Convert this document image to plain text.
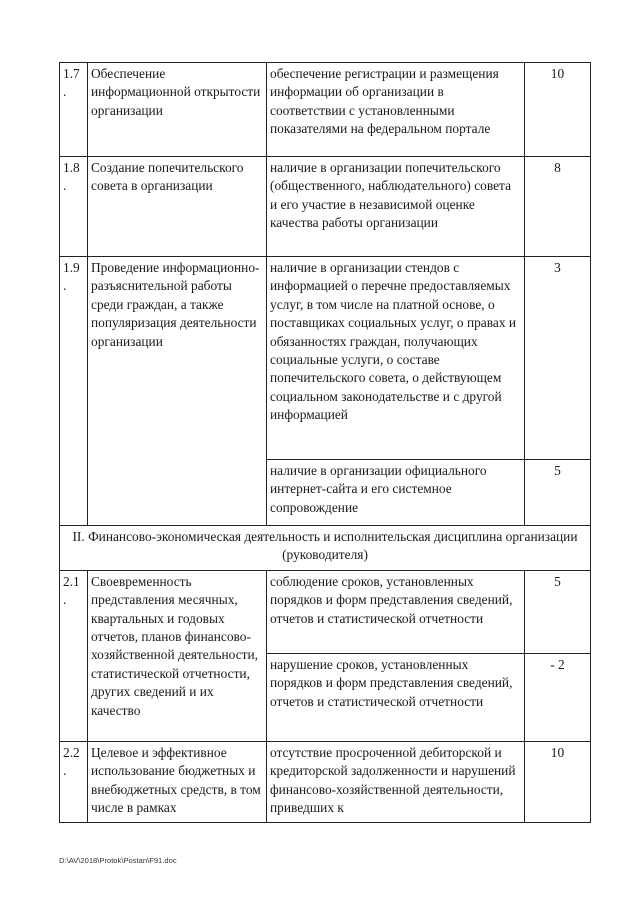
1.7 .	Обеспечение информационной открытости организации	обеспечение регистрации и размещения информации об организации в соответствии с установленными показателями на федеральном портале	10
1.8 .	Создание попечительского совета в организации	наличие в организации попечительского (общественного, наблюдательного) совета и его участие в независимой оценке качества работы организации	8
1.9 .	Проведение информационно-разъяснительной работы среди граждан, а также популяризация деятельности организации	наличие в организации стендов с информацией о перечне предоставляемых услуг, в том числе на платной основе, о поставщиках социальных услуг, о правах и обязанностях граждан, получающих социальные услуги, о составе попечительского совета, о действующем социальном законодательстве и с другой информацией	3
		наличие в организации официального интернет-сайта и его системное сопровождение	5
II. Финансово-экономическая деятельность и исполнительская дисциплина организации (руководителя)			
2.1 .	Своевременность представления месячных, квартальных и годовых отчетов, планов финансово-хозяйственной деятельности, статистической отчетности, других сведений и их качество	соблюдение сроков, установленных порядков и форм представления сведений, отчетов и статистической отчетности	5
		нарушение сроков, установленных порядков и форм представления сведений, отчетов и статистической отчетности	- 2
2.2 .	Целевое и эффективное использование бюджетных и внебюджетных средств, в том числе в рамках	отсутствие просроченной дебиторской и кредиторской задолженности и нарушений финансово-хозяйственной деятельности, приведших к	10
D:\AV\2018\Protok\Postan\F91.doc
